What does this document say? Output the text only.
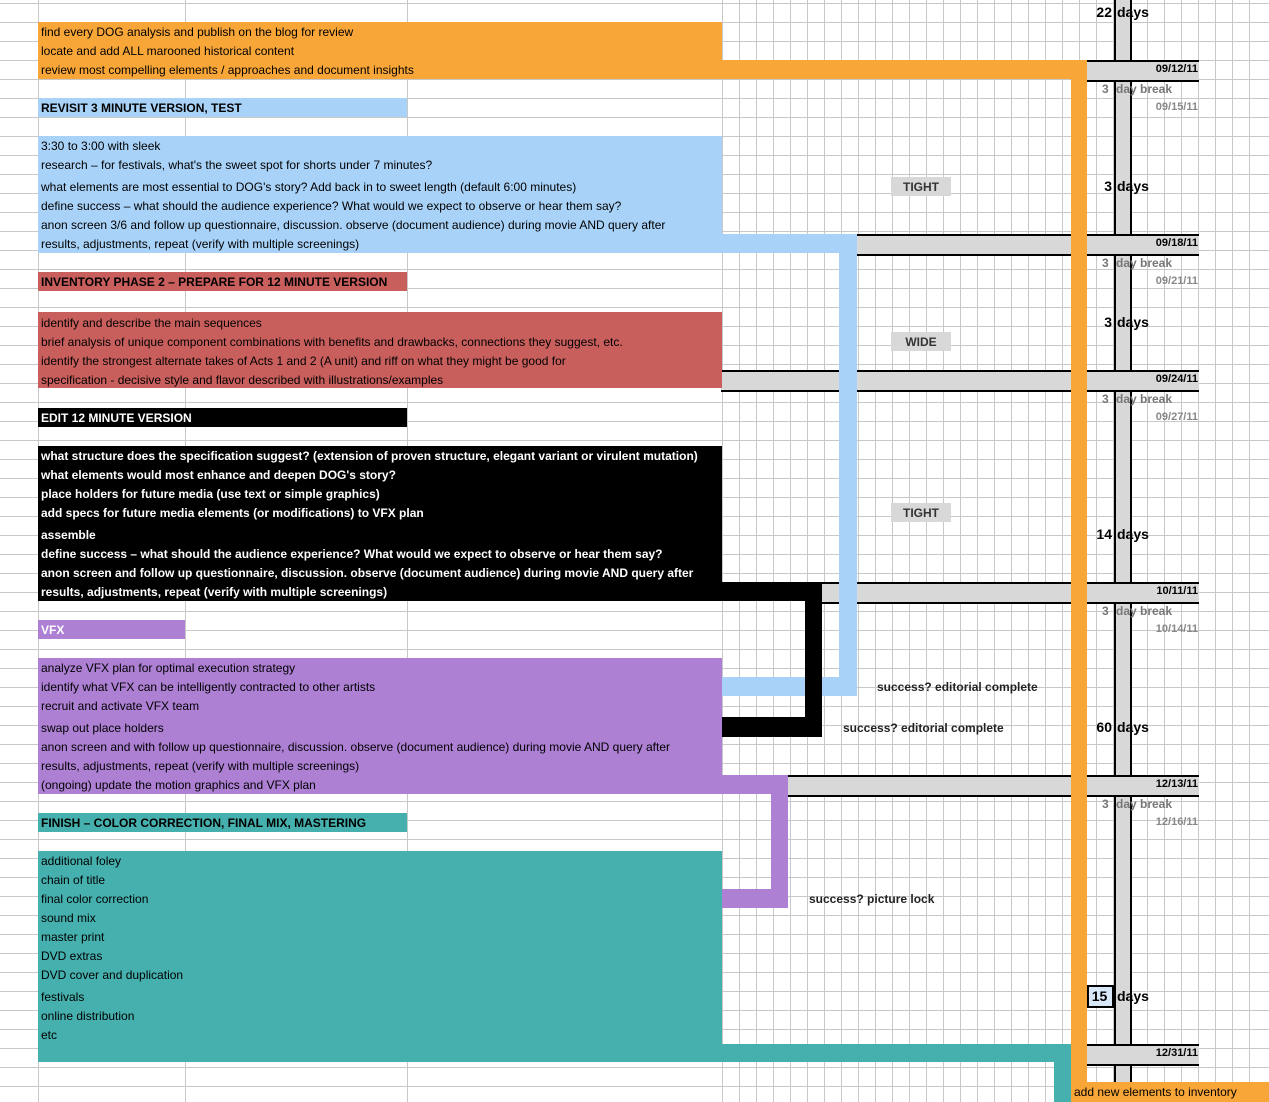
find every DOG analysis and publish on the blog for review
locate and add ALL marooned historical content
review most compelling elements / approaches and document insights
REVISIT 3 MINUTE VERSION, TEST
3:30 to 3:00 with sleek
research – for festivals, what's the sweet spot for shorts under 7 minutes?
what elements are most essential to DOG's story? Add back in to sweet length (default 6:00 minutes)
define success – what should the audience experience? What would we expect to observe or hear them say?
anon screen 3/6 and follow up questionnaire, discussion. observe (document audience) during movie AND query after
results, adjustments, repeat (verify with multiple screenings)
INVENTORY PHASE 2 – PREPARE FOR 12 MINUTE VERSION
identify and describe the main sequences
brief analysis of unique component combinations with benefits and drawbacks, connections they suggest, etc.
identify the strongest alternate takes of Acts 1 and 2 (A unit) and riff on what they might be good for
specification - decisive style and flavor described with illustrations/examples
EDIT 12 MINUTE VERSION
what structure does the specification suggest? (extension of proven structure, elegant variant or virulent mutation)
what elements would most enhance and deepen DOG's story?
place holders for future media (use text or simple graphics)
add specs for future media elements (or modifications) to VFX plan
assemble
define success – what should the audience experience? What would we expect to observe or hear them say?
anon screen and follow up questionnaire, discussion. observe (document audience) during movie AND query after
results, adjustments, repeat (verify with multiple screenings)
VFX
analyze VFX plan for optimal execution strategy
identify what VFX can be intelligently contracted to other artists
recruit and activate VFX team
swap out place holders
anon screen and with follow up questionnaire, discussion. observe (document audience) during movie AND query after
results, adjustments, repeat (verify with multiple screenings)
(ongoing) update the motion graphics and VFX plan
FINISH – COLOR CORRECTION, FINAL MIX, MASTERING
additional foley
chain of title
final color correction
sound mix
master print
DVD extras
DVD cover and duplication
festivals
online distribution
etc
TIGHT
WIDE
TIGHT
success? editorial complete
success? editorial complete
success? picture lock
22 days
3 days
3 days
14 days
60 days
15 days
3 day break
3 day break
3 day break
3 day break
3 day break
09/12/11
09/15/11
09/18/11
09/21/11
09/24/11
09/27/11
10/11/11
10/14/11
12/13/11
12/16/11
12/31/11
add new elements to inventory
